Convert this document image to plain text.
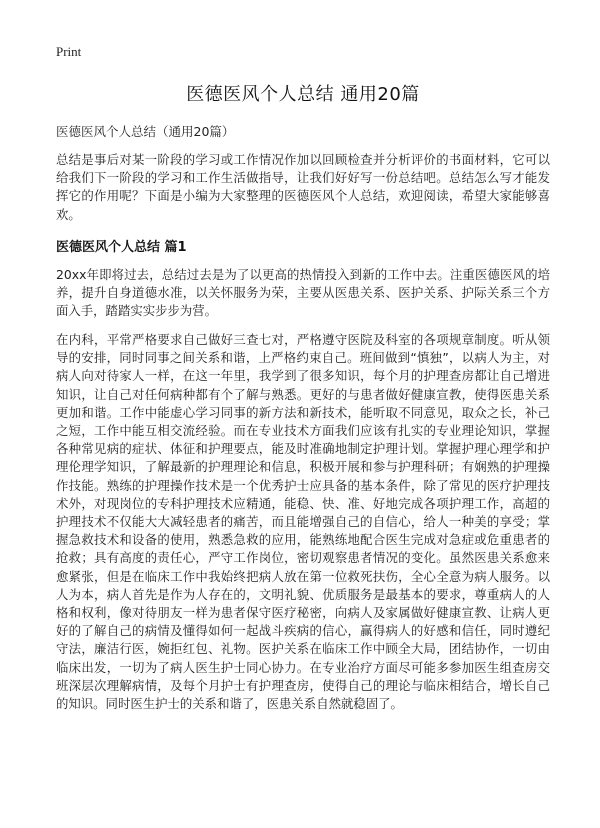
Print
医德医风个人总结 通用20篇

医德医风个人总结（通用20篇）

总结是事后对某一阶段的学习或工作情况作加以回顾检查并分析评价的书面材料，它可以给我们下一阶段的学习和工作生活做指导，让我们好好写一份总结吧。总结怎么写才能发挥它的作用呢？下面是小编为大家整理的医德医风个人总结，欢迎阅读，希望大家能够喜欢。

医德医风个人总结 篇1

20xx年即将过去，总结过去是为了以更高的热情投入到新的工作中去。注重医德医风的培养，提升自身道德水准，以关怀服务为荣，主要从医患关系、医护关系、护际关系三个方面入手，踏踏实实步步为营。

在内科，平常严格要求自己做好三查七对，严格遵守医院及科室的各项规章制度。听从领导的安排，同时同事之间关系和谐，上严格约束自己。班间做到“慎独”，以病人为主，对病人向对待家人一样，在这一年里，我学到了很多知识，每个月的护理查房都让自己增进知识，让自己对任何病种都有个了解与熟悉。更好的与患者做好健康宣教，使得医患关系更加和谐。工作中能虚心学习同事的新方法和新技术，能听取不同意见，取众之长，补己之短，工作中能互相交流经验。而在专业技术方面我们应该有扎实的专业理论知识，掌握各种常见病的症状、体征和护理要点，能及时准确地制定护理计划。掌握护理心理学和护理伦理学知识，了解最新的护理理论和信息，积极开展和参与护理科研；有娴熟的护理操作技能。熟练的护理操作技术是一个优秀护士应具备的基本条件，除了常见的医疗护理技术外，对现岗位的专科护理技术应精通，能稳、快、准、好地完成各项护理工作，高超的护理技术不仅能大大减轻患者的痛苦，而且能增强自己的自信心，给人一种美的享受；掌握急救技术和设备的使用，熟悉急救的应用，能熟练地配合医生完成对急症或危重患者的抢救；具有高度的责任心，严守工作岗位，密切观察患者情况的变化。虽然医患关系愈来愈紧张，但是在临床工作中我始终把病人放在第一位救死扶伤，全心全意为病人服务。以人为本，病人首先是作为人存在的，文明礼貌、优质服务是最基本的要求，尊重病人的人格和权利，像对待朋友一样为患者保守医疗秘密，向病人及家属做好健康宣教、让病人更好的了解自己的病情及懂得如何一起战斗疾病的信心，赢得病人的好感和信任，同时遵纪守法，廉洁行医，婉拒红包、礼物。医护关系在临床工作中顾全大局，团结协作，一切由临床出发，一切为了病人医生护士同心协力。在专业治疗方面尽可能多参加医生组查房交班深层次理解病情，及每个月护士有护理查房，使得自己的理论与临床相结合，增长自己的知识。同时医生护士的关系和谐了，医患关系自然就稳固了。
